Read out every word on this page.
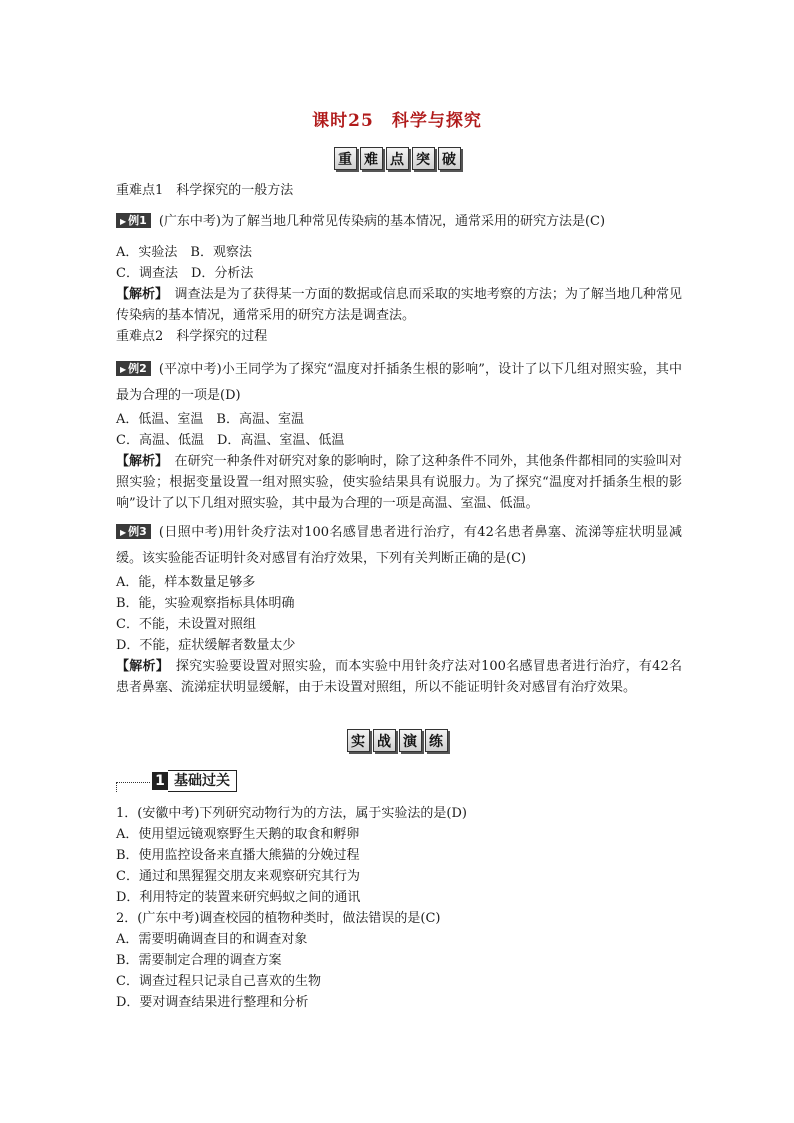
课时25　科学与探究
重 难 点 突 破
重难点1　科学探究的一般方法
▶ 例1 (广东中考)为了解当地几种常见传染病的基本情况，通常采用的研究方法是(C)
A．实验法　B．观察法
C．调查法　D．分析法
【解析】　调查法是为了获得某一方面的数据或信息而采取的实地考察的方法；为了解当地几种常见传染病的基本情况，通常采用的研究方法是调查法。
重难点2　科学探究的过程
▶ 例2 (平凉中考)小王同学为了探究“温度对扦插条生根的影响”，设计了以下几组对照实验，其中最为合理的一项是(D)
A．低温、室温　B．高温、室温
C．高温、低温　D．高温、室温、低温
【解析】　在研究一种条件对研究对象的影响时，除了这种条件不同外，其他条件都相同的实验叫对照实验；根据变量设置一组对照实验，使实验结果具有说服力。为了探究“温度对扦插条生根的影响”设计了以下几组对照实验，其中最为合理的一项是高温、室温、低温。
▶ 例3 (日照中考)用针灸疗法对100名感冒患者进行治疗，有42名患者鼻塞、流涕等症状明显减缓。该实验能否证明针灸对感冒有治疗效果，下列有关判断正确的是(C)
A．能，样本数量足够多
B．能，实验观察指标具体明确
C．不能，未设置对照组
D．不能，症状缓解者数量太少
【解析】　探究实验要设置对照实验，而本实验中用针灸疗法对100名感冒患者进行治疗，有42名患者鼻塞、流涕症状明显缓解，由于未设置对照组，所以不能证明针灸对感冒有治疗效果。
实 战 演 练
1 基础过关
1．(安徽中考)下列研究动物行为的方法，属于实验法的是(D)
A．使用望远镜观察野生天鹅的取食和孵卵
B．使用监控设备来直播大熊猫的分娩过程
C．通过和黑猩猩交朋友来观察研究其行为
D．利用特定的装置来研究蚂蚁之间的通讯
2．(广东中考)调查校园的植物种类时，做法错误的是(C)
A．需要明确调查目的和调查对象
B．需要制定合理的调查方案
C．调查过程只记录自己喜欢的生物
D．要对调查结果进行整理和分析
